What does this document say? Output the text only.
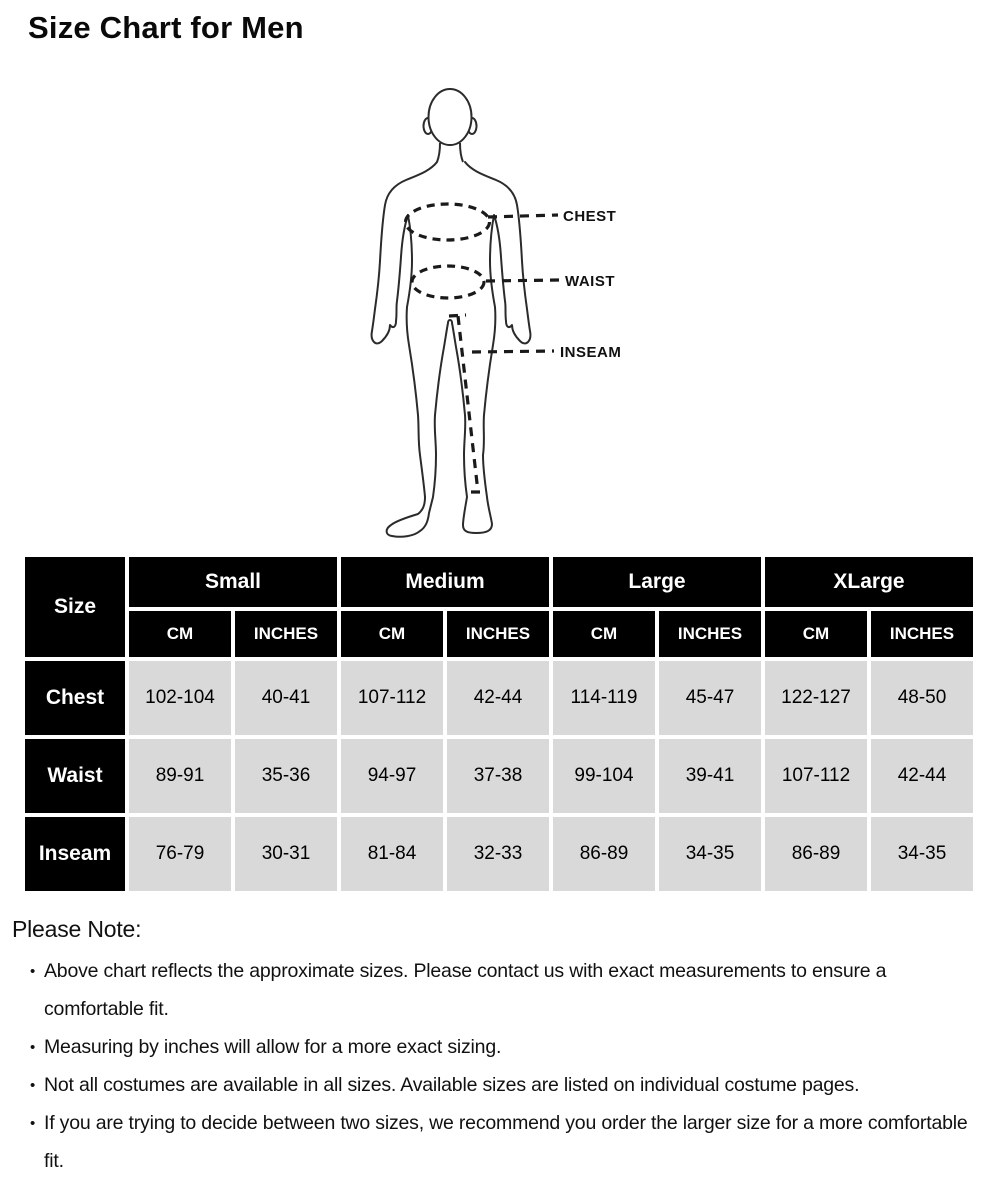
Size Chart for Men
CHEST
WAIST
INSEAM
Size	Small		Medium		Large		XLarge	
	CM	INCHES	CM	INCHES	CM	INCHES	CM	INCHES
Chest	102-104	40-41	107-112	42-44	114-119	45-47	122-127	48-50
Waist	89-91	35-36	94-97	37-38	99-104	39-41	107-112	42-44
Inseam	76-79	30-31	81-84	32-33	86-89	34-35	86-89	34-35
Please Note:
• Above chart reflects the approximate sizes. Please contact us with exact measurements to ensure a comfortable fit.
• Measuring by inches will allow for a more exact sizing.
• Not all costumes are available in all sizes. Available sizes are listed on individual costume pages.
• If you are trying to decide between two sizes, we recommend you order the larger size for a more comfortable fit.
